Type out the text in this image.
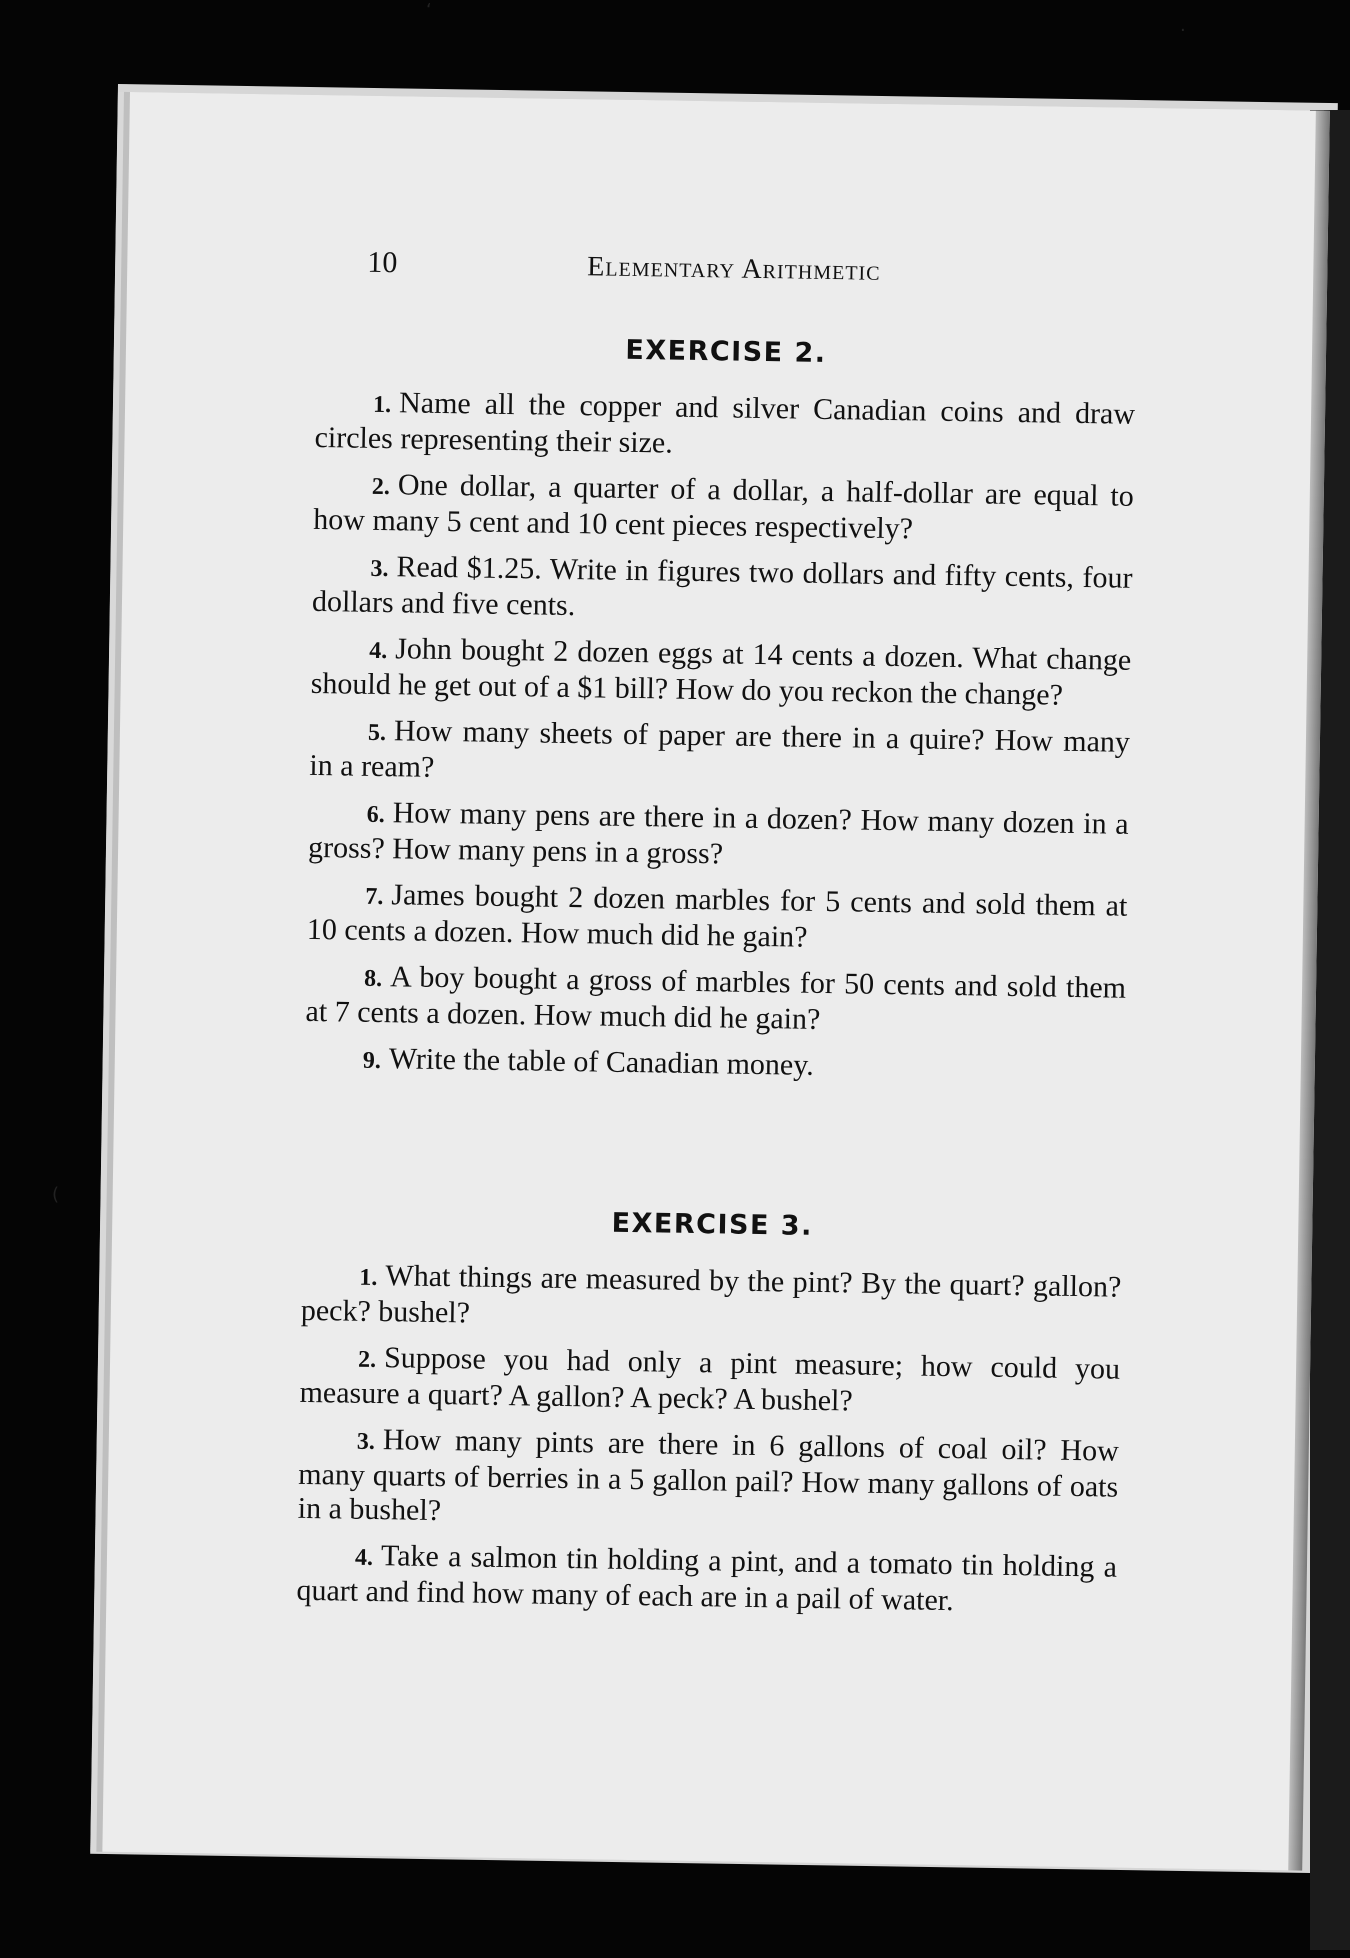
10	Elementary Arithmetic
EXERCISE 2.

1. Name all the copper and silver Canadian coins and draw circles representing their size.

2. One dollar, a quarter of a dollar, a half-dollar are equal to how many 5 cent and 10 cent pieces respectively?

3. Read $1.25. Write in figures two dollars and fifty cents, four dollars and five cents.

4. John bought 2 dozen eggs at 14 cents a dozen. What change should he get out of a $1 bill? How do you reckon the change?

5. How many sheets of paper are there in a quire? How many in a ream?

6. How many pens are there in a dozen? How many dozen in a gross? How many pens in a gross?

7. James bought 2 dozen marbles for 5 cents and sold them at 10 cents a dozen. How much did he gain?

8. A boy bought a gross of marbles for 50 cents and sold them at 7 cents a dozen. How much did he gain?

9. Write the table of Canadian money.

EXERCISE 3.

1. What things are measured by the pint? By the quart? gallon? peck? bushel?

2. Suppose you had only a pint measure; how could you measure a quart? A gallon? A peck? A bushel?

3. How many pints are there in 6 gallons of coal oil? How many quarts of berries in a 5 gallon pail? How many gallons of oats in a bushel?

4. Take a salmon tin holding a pint, and a tomato tin holding a quart and find how many of each are in a pail of water.

‘
·
(
